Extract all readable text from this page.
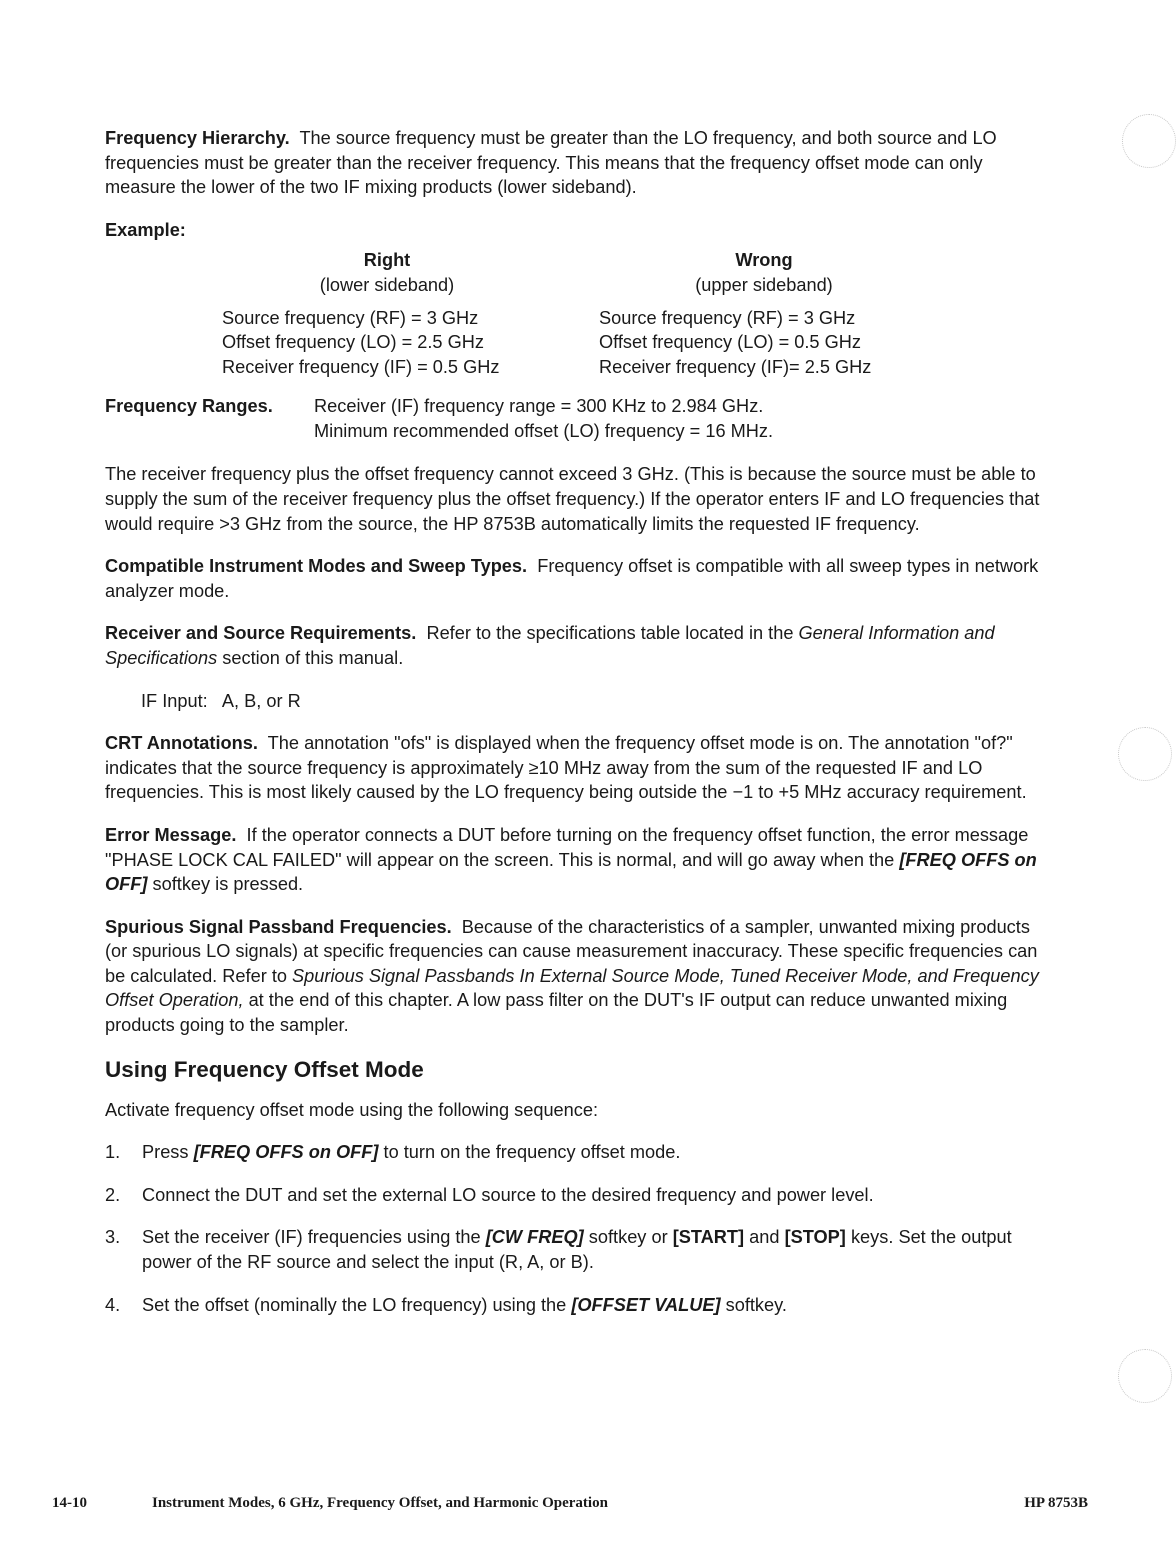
Frequency Hierarchy. The source frequency must be greater than the LO frequency, and both source and LO frequencies must be greater than the receiver frequency. This means that the frequency offset mode can only measure the lower of the two IF mixing products (lower sideband).

Example:

Right
(lower sideband)
Source frequency (RF) = 3 GHz
Offset frequency (LO) = 2.5 GHz
Receiver frequency (IF) = 0.5 GHz
Wrong
(upper sideband)
Source frequency (RF) = 3 GHz
Offset frequency (LO) = 0.5 GHz
Receiver frequency (IF)= 2.5 GHz
Frequency Ranges. Receiver (IF) frequency range = 300 KHz to 2.984 GHz.
Minimum recommended offset (LO) frequency = 16 MHz.

The receiver frequency plus the offset frequency cannot exceed 3 GHz. (This is because the source must be able to supply the sum of the receiver frequency plus the offset frequency.) If the operator enters IF and LO frequencies that would require >3 GHz from the source, the HP 8753B automatically limits the requested IF frequency.

Compatible Instrument Modes and Sweep Types. Frequency offset is compatible with all sweep types in network analyzer mode.

Receiver and Source Requirements. Refer to the specifications table located in the General Information and Specifications section of this manual.

IF Input:   A, B, or R

CRT Annotations. The annotation "ofs" is displayed when the frequency offset mode is on. The annotation "of?" indicates that the source frequency is approximately ≥10 MHz away from the sum of the requested IF and LO frequencies. This is most likely caused by the LO frequency being outside the −1 to +5 MHz accuracy requirement.

Error Message. If the operator connects a DUT before turning on the frequency offset function, the error message "PHASE LOCK CAL FAILED" will appear on the screen. This is normal, and will go away when the [FREQ OFFS on OFF] softkey is pressed.

Spurious Signal Passband Frequencies. Because of the characteristics of a sampler, unwanted mixing products (or spurious LO signals) at specific frequencies can cause measurement inaccuracy. These specific frequencies can be calculated. Refer to Spurious Signal Passbands In External Source Mode, Tuned Receiver Mode, and Frequency Offset Operation, at the end of this chapter. A low pass filter on the DUT's IF output can reduce unwanted mixing products going to the sampler.

Using Frequency Offset Mode

Activate frequency offset mode using the following sequence:

1. Press [FREQ OFFS on OFF] to turn on the frequency offset mode.
2. Connect the DUT and set the external LO source to the desired frequency and power level.
3. Set the receiver (IF) frequencies using the [CW FREQ] softkey or [START] and [STOP] keys. Set the output power of the RF source and select the input (R, A, or B).
4. Set the offset (nominally the LO frequency) using the [OFFSET VALUE] softkey.
14-10	Instrument Modes, 6 GHz, Frequency Offset, and Harmonic Operation	HP 8753B
